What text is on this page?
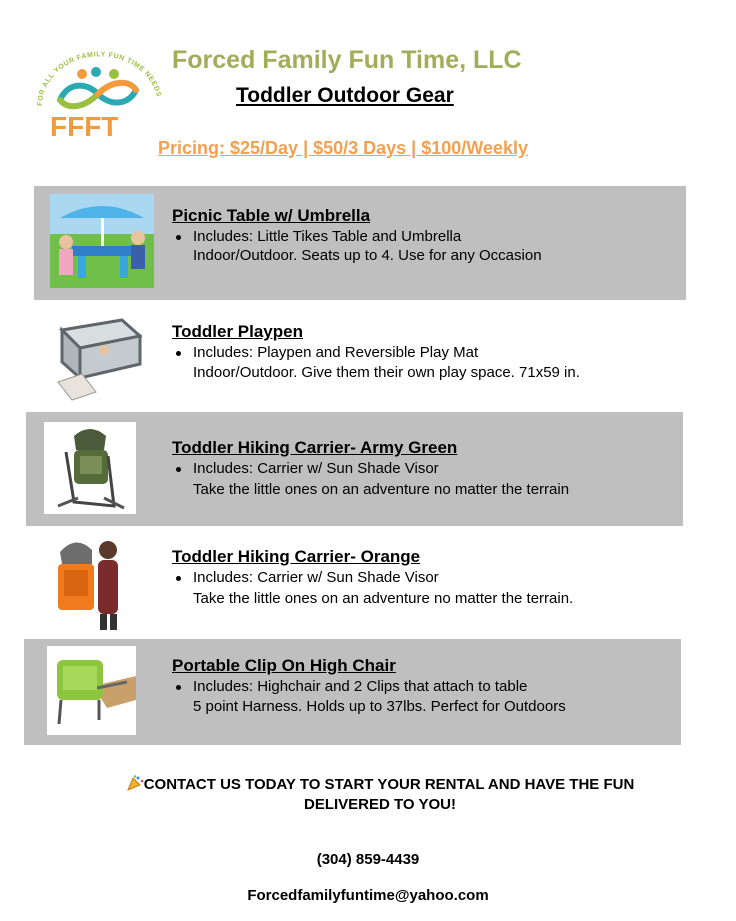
FOR ALL YOUR FAMILY FUN TIME NEEDS
FFFT
Forced Family Fun Time, LLC
Toddler Outdoor Gear
Pricing: $25/Day | $50/3 Days | $100/Weekly
Picnic Table w/ Umbrella
Includes: Little Tikes Table and Umbrella
Indoor/Outdoor. Seats up to 4. Use for any Occasion
Toddler Playpen
Includes: Playpen and Reversible Play Mat
Indoor/Outdoor. Give them their own play space. 71x59 in.
Toddler Hiking Carrier- Army Green
Includes: Carrier w/ Sun Shade Visor
Take the little ones on an adventure no matter the terrain
Toddler Hiking Carrier- Orange
Includes: Carrier w/ Sun Shade Visor
Take the little ones on an adventure no matter the terrain.
Portable Clip On High Chair
Includes: Highchair and 2 Clips that attach to table
5 point Harness. Holds up to 37lbs. Perfect for Outdoors
CONTACT US TODAY TO START YOUR RENTAL AND HAVE THE FUN
DELIVERED TO YOU!
(304) 859-4439
Forcedfamilyfuntime@yahoo.com
